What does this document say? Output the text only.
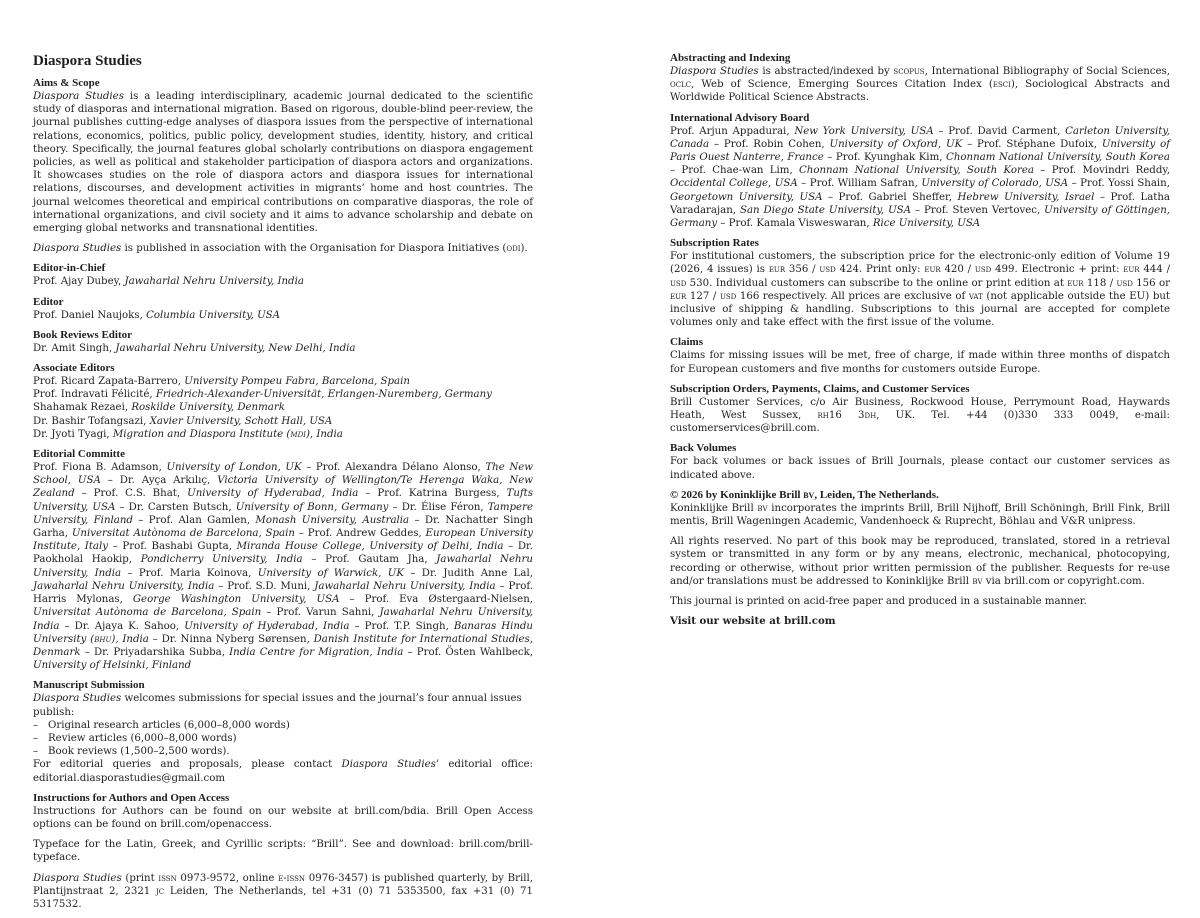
Diaspora Studies
Aims & Scope
Diaspora Studies is a leading interdisciplinary, academic journal dedicated to the scientific study of diasporas and international migration. Based on rigorous, double-blind peer-review, the journal publishes cutting-edge analyses of diaspora issues from the perspective of international relations, economics, politics, public policy, development studies, identity, history, and critical theory. Specifically, the journal features global scholarly contributions on diaspora engagement policies, as well as political and stakeholder participation of diaspora actors and organizations. It showcases studies on the role of diaspora actors and diaspora issues for international relations, discourses, and development activities in migrants’ home and host countries. The journal welcomes theoretical and empirical contributions on comparative diasporas, the role of international organizations, and civil society and it aims to advance scholarship and debate on emerging global networks and transnational identities.
Diaspora Studies is published in association with the Organisation for Diaspora Initiatives (odi).
Editor-in-Chief
Prof. Ajay Dubey, Jawaharlal Nehru University, India
Editor
Prof. Daniel Naujoks, Columbia University, USA
Book Reviews Editor
Dr. Amit Singh, Jawaharlal Nehru University, New Delhi, India
Associate Editors
Prof. Ricard Zapata-Barrero, University Pompeu Fabra, Barcelona, Spain
Prof. Indravati Félicité, Friedrich-Alexander-Universität, Erlangen-Nuremberg, Germany
Shahamak Rezaei, Roskilde University, Denmark
Dr. Bashir Tofangsazi, Xavier University, Schott Hall, USA
Dr. Jyoti Tyagi, Migration and Diaspora Institute (mdi), India
Editorial Committe
Prof. Fiona B. Adamson, University of London, UK – Prof. Alexandra Délano Alonso, The New School, USA – Dr. Ayça Arkılıç, Victoria University of Wellington/Te Herenga Waka, New Zealand – Prof. C.S. Bhat, University of Hyderabad, India – Prof. Katrina Burgess, Tufts University, USA – Dr. Carsten Butsch, University of Bonn, Germany – Dr. Élise Féron, Tampere University, Finland – Prof. Alan Gamlen, Monash University, Australia – Dr. Nachatter Singh Garha, Universitat Autònoma de Barcelona, Spain – Prof. Andrew Geddes, European University Institute, Italy – Prof. Bashabi Gupta, Miranda House College, University of Delhi, India – Dr. Paokholal Haokip, Pondicherry University, India – Prof. Gautam Jha, Jawaharlal Nehru University, India – Prof. Maria Koinova, University of Warwick, UK – Dr. Judith Anne Lal, Jawaharlal Nehru University, India – Prof. S.D. Muni, Jawaharlal Nehru University, India – Prof. Harris Mylonas, George Washington University, USA – Prof. Eva Østergaard-Nielsen, Universitat Autònoma de Barcelona, Spain – Prof. Varun Sahni, Jawaharlal Nehru University, India – Dr. Ajaya K. Sahoo, University of Hyderabad, India – Prof. T.P. Singh, Banaras Hindu University (bhu), India – Dr. Ninna Nyberg Sørensen, Danish Institute for International Studies, Denmark – Dr. Priyadarshika Subba, India Centre for Migration, India – Prof. Östen Wahlbeck, University of Helsinki, Finland
Manuscript Submission
Diaspora Studies welcomes submissions for special issues and the journal’s four annual issues publish:
– Original research articles (6,000–8,000 words)
– Review articles (6,000–8,000 words)
– Book reviews (1,500–2,500 words).
For editorial queries and proposals, please contact Diaspora Studies’ editorial office: editorial.diasporastudies@gmail.com
Instructions for Authors and Open Access
Instructions for Authors can be found on our website at brill.com/bdia. Brill Open Access options can be found on brill.com/openaccess.
Typeface for the Latin, Greek, and Cyrillic scripts: “Brill”. See and download: brill.com/brill-typeface.
Diaspora Studies (print issn 0973-9572, online e-issn 0976-3457) is published quarterly, by Brill, Plantijnstraat 2, 2321 jc Leiden, The Netherlands, tel +31 (0) 71 5353500, fax +31 (0) 71 5317532.
Abstracting and Indexing
Diaspora Studies is abstracted/indexed by scopus, International Bibliography of Social Sciences, oclc, Web of Science, Emerging Sources Citation Index (esci), Sociological Abstracts and Worldwide Political Science Abstracts.
International Advisory Board
Prof. Arjun Appadurai, New York University, USA – Prof. David Carment, Carleton University, Canada – Prof. Robin Cohen, University of Oxford, UK – Prof. Stéphane Dufoix, University of Paris Ouest Nanterre, France – Prof. Kyunghak Kim, Chonnam National University, South Korea – Prof. Chae-wan Lim, Chonnam National University, South Korea – Prof. Movindri Reddy, Occidental College, USA – Prof. William Safran, University of Colorado, USA – Prof. Yossi Shain, Georgetown University, USA – Prof. Gabriel Sheffer, Hebrew University, Israel – Prof. Latha Varadarajan, San Diego State University, USA – Prof. Steven Vertovec, University of Göttingen, Germany – Prof. Kamala Visweswaran, Rice University, USA
Subscription Rates
For institutional customers, the subscription price for the electronic-only edition of Volume 19 (2026, 4 issues) is eur 356 / usd 424. Print only: eur 420 / usd 499. Electronic + print: eur 444 / usd 530. Individual customers can subscribe to the online or print edition at eur 118 / usd 156 or eur 127 / usd 166 respectively. All prices are exclusive of vat (not applicable outside the EU) but inclusive of shipping & handling. Subscriptions to this journal are accepted for complete volumes only and take effect with the first issue of the volume.
Claims
Claims for missing issues will be met, free of charge, if made within three months of dispatch for European customers and five months for customers outside Europe.
Subscription Orders, Payments, Claims, and Customer Services
Brill Customer Services, c/o Air Business, Rockwood House, Perrymount Road, Haywards Heath, West Sussex, rh16 3dh, UK. Tel. +44 (0)330 333 0049, e-mail: customerservices@brill.com.
Back Volumes
For back volumes or back issues of Brill Journals, please contact our customer services as indicated above.
© 2026 by Koninklijke Brill bv, Leiden, The Netherlands.
Koninklijke Brill bv incorporates the imprints Brill, Brill Nijhoff, Brill Schöningh, Brill Fink, Brill mentis, Brill Wageningen Academic, Vandenhoeck & Ruprecht, Böhlau and V&R unipress.
All rights reserved. No part of this book may be reproduced, translated, stored in a retrieval system or transmitted in any form or by any means, electronic, mechanical, photocopying, recording or otherwise, without prior written permission of the publisher. Requests for re-use and/or translations must be addressed to Koninklijke Brill bv via brill.com or copyright.com.
This journal is printed on acid-free paper and produced in a sustainable manner.
Visit our website at brill.com
